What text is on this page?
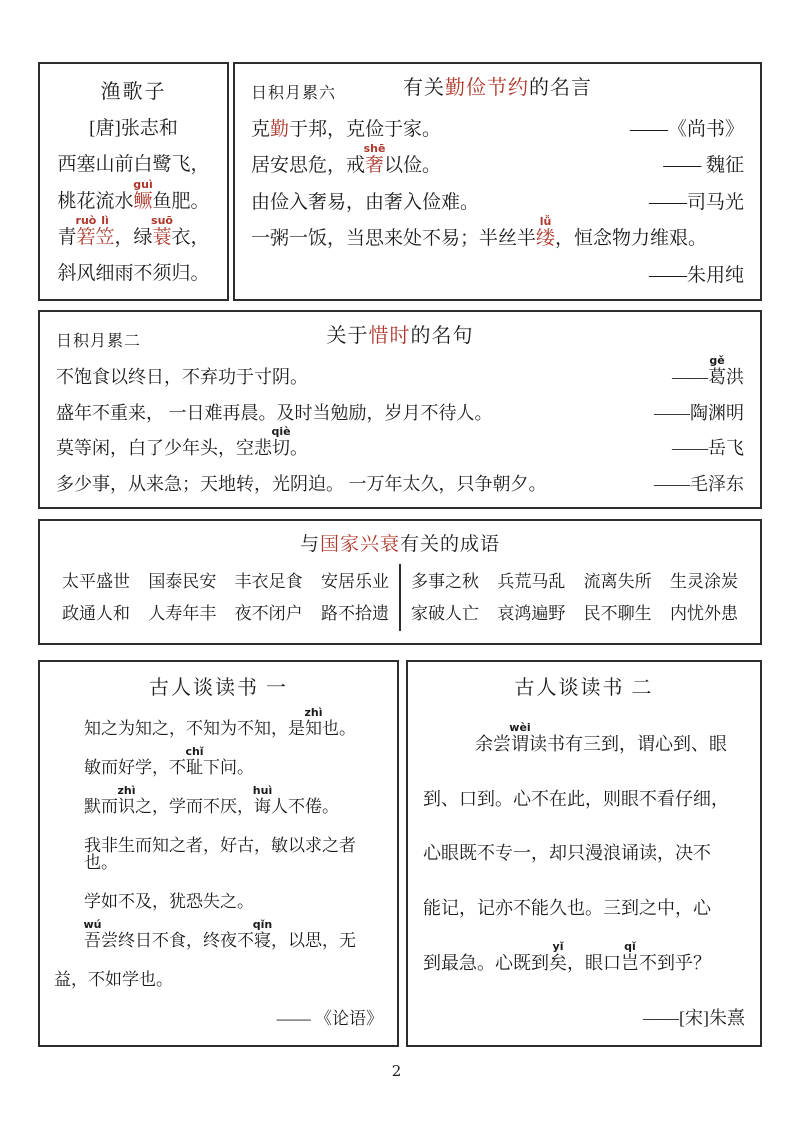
渔歌子
[唐]张志和
西塞山前白鹭飞，
桃花流水
guì
鳜鱼肥。
青
ruò
箬
lì
笠，绿
suō
蓑衣，
斜风细雨不须归。
日积月累六	有关勤俭节约的名言
克勤于邦，克俭于家。	——《尚书》
居安思危，戒
shē
奢以俭。	—— 魏征
由俭入奢易，由奢入俭难。	——司马光
一粥一饭，当思来处不易；半丝半
lǚ
缕，恒念物力维艰。
——朱用纯
日积月累二	关于惜时的名句
不饱食以终日，不弃功于寸阴。	——
gě
葛洪
盛年不重来， 一日难再晨。及时当勉励，岁月不待人。	——陶渊明
莫等闲，白了少年头，空悲
qiè
切。	——岳飞
多少事，从来急；天地转，光阴迫。 一万年太久，只争朝夕。	——毛泽东
与国家兴衰有关的成语
太平盛世 国泰民安 丰衣足食 安居乐业
政通人和 人寿年丰 夜不闭户 路不拾遗
多事之秋 兵荒马乱 流离失所 生灵涂炭
家破人亡 哀鸿遍野 民不聊生 内忧外患
古人谈读书 一
知之为知之，不知为不知，是
zhì
知也。
敏而好学，不
chǐ
耻下问。
默而
zhì
识之，学而不厌，
huì
诲人不倦。
我非生而知之者，好古，敏以求之者也。
学如不及，犹恐失之。
wú
吾尝终日不食，终夜不
qǐn
寝，以思，无
益，不如学也。
—— 《论语》
古人谈读书 二
余尝
wèi
谓读书有三到，谓心到、眼
到、口到。心不在此，则眼不看仔细，
心眼既不专一，却只漫浪诵读，决不
能记，记亦不能久也。三到之中，心
到最急。心既到
yǐ
矣，眼口
qǐ
岂不到乎？
——[宋]朱熹
2
